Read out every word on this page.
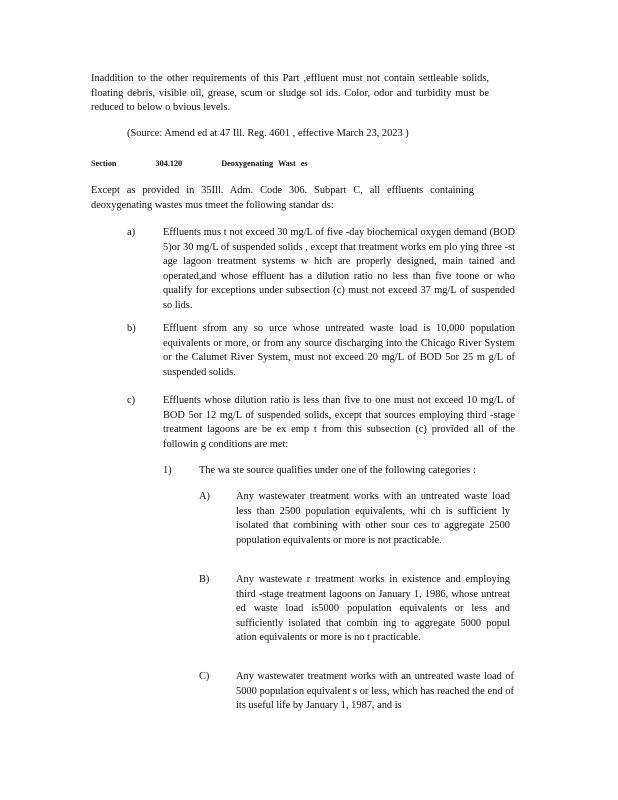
Inaddition to the other requirements of this Part ,effluent must not contain settleable solids, floating debris, visible oil, grease, scum or sludge sol ids. Color, odor and turbidity must be reduced to below o bvious levels.
(Source: Amend ed at 47 Ill. Reg. 4601 , effective March 23, 2023 )
Section	304.120	Deoxygenating Wast es
Except as provided in 35Ill. Adm. Code 306. Subpart C, all effluents containing deoxygenating wastes mus tmeet the following standar ds:
a)	Effluents mus t not exceed 30 mg/L of five -day biochemical oxygen demand (BOD 5)or 30 mg/L of suspended solids , except that treatment works em plo ying three -st age lagoon treatment systems w hich are properly designed, main tained and operated,and whose effluent has a dilution ratio no less than five toone or who qualify for exceptions under subsection (c) must not exceed 37 mg/L of suspended so lids.
b)	Effluent sfrom any so urce whose untreated waste load is 10,000 population equivalents or more, or from any source discharging into the Chicago River System or the Calumet River System, must not exceed 20 mg/L of BOD 5or 25 m g/L of suspended solids.
c)	Effluents whose dilution ratio is less than five to one must not exceed 10 mg/L of BOD 5or 12 mg/L of suspended solids, except that sources employing third -stage treatment lagoons are be ex emp t from this subsection (c) provided all of the followin g conditions are met:
1)	The wa ste source qualifies under one of the following categories :
A)	Any wastewater treatment works with an untreated waste load less than 2500 population equivalents, whi ch is sufficient ly isolated that combining with other sour ces to aggregate 2500 population equivalents or more is not practicable.
B)	Any wastewate r treatment works in existence and employing third -stage treatment lagoons on January 1, 1986, whose untreat ed waste load is5000 population equivalents or less and sufficiently isolated that combin ing to aggregate 5000 popul ation equivalents or more is no t practicable.
C)	Any wastewater treatment works with an untreated waste load of 5000 population equivalent s or less, which has reached the end of its useful life by January 1, 1987, and is
